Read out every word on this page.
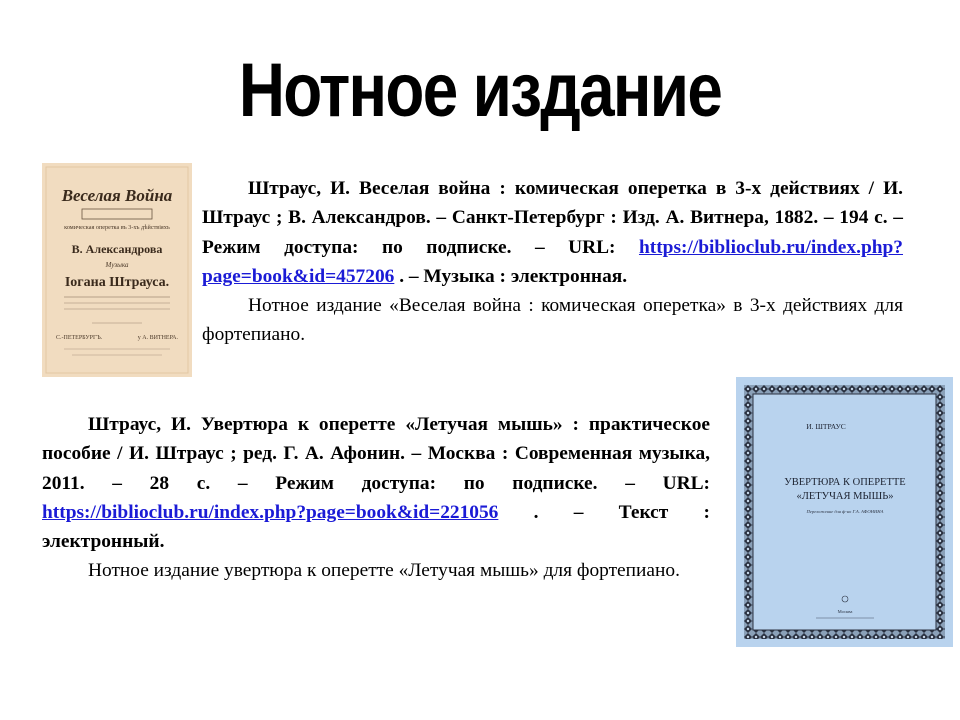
Нотное издание
Веселая Война
комическая оперетка въ 3-хъ дѣйствіяхъ
В. Александрова
Музыка
Іогана Штрауса.
С.-ПЕТЕРБУРГЪ.	у А. ВИТНЕРА.

Штраус, И. Веселая война : комическая оперетка в 3-х действиях / И. Штраус ; В. Александров. – Санкт-Петербург : Изд. А. Витнера, 1882. – 194 с. – Режим доступа: по подписке. – URL: https://biblioclub.ru/index.php?page=book&id=457206 . – Музыка : электронная.

Нотное издание «Веселая война : комическая оперетка» в 3-х действиях для фортепиано.

Штраус, И. Увертюра к оперетте «Летучая мышь» : практическое пособие / И. Штраус ; ред. Г. А. Афонин. – Москва : Современная музыка, 2011. – 28 с. – Режим доступа: по подписке. – URL: https://biblioclub.ru/index.php?page=book&id=221056 . – Текст : электронный.

Нотное издание увертюра к оперетте «Летучая мышь» для фортепиано.

И. ШТРАУС
УВЕРТЮРА К ОПЕРЕТТЕ
«ЛЕТУЧАЯ МЫШЬ»
Переложение для ф-но Г.А. АФОНИНА
Москва
